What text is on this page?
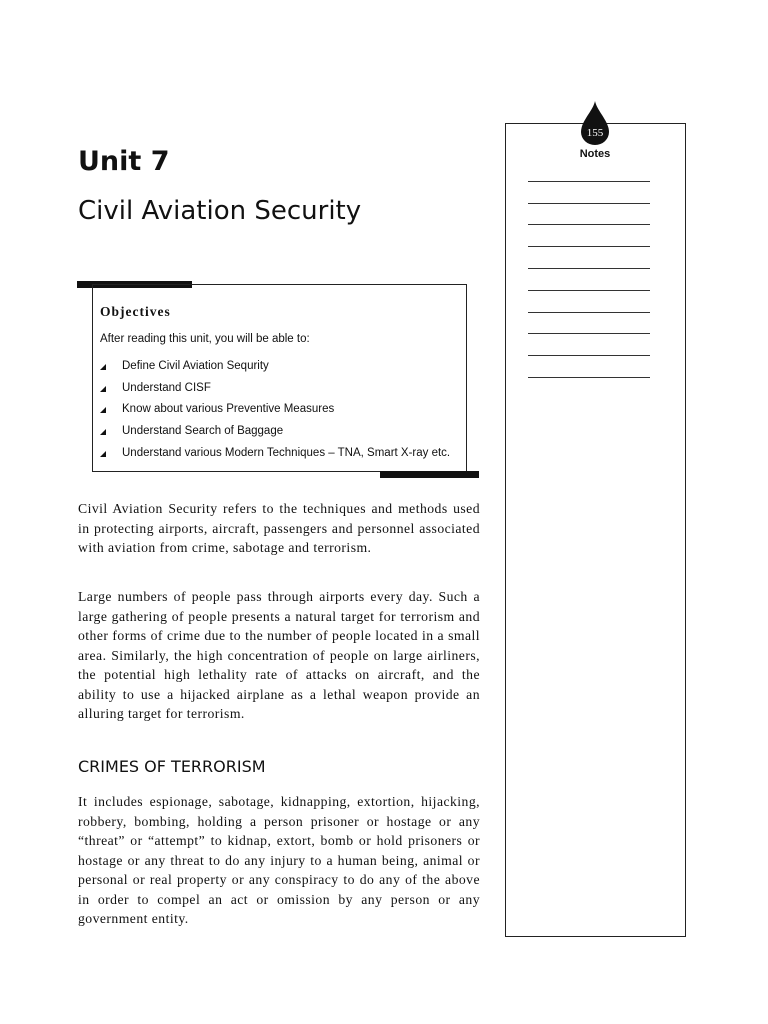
Unit 7
Civil Aviation Security

Objectives

After reading this unit, you will be able to:

Define Civil Aviation Sequrity
Understand CISF
Know about various Preventive Measures
Understand Search of Baggage
Understand various Modern Techniques – TNA, Smart X-ray etc.

Civil Aviation Security refers to the techniques and methods used in protecting airports, aircraft, passengers and personnel associated with aviation from crime, sabotage and terrorism.

Large numbers of people pass through airports every day. Such a large gathering of people presents a natural target for terrorism and other forms of crime due to the number of people located in a small area. Similarly, the high concentration of people on large airliners, the potential high lethality rate of attacks on aircraft, and the ability to use a hijacked airplane as a lethal weapon provide an alluring target for terrorism.

CRIMES OF TERRORISM

It includes espionage, sabotage, kidnapping, extortion, hijacking, robbery, bombing, holding a person prisoner or hostage or any “threat” or “attempt” to kidnap, extort, bomb or hold prisoners or hostage or any threat to do any injury to a human being, animal or personal or real property or any conspiracy to do any of the above in order to compel an act or omission by any person or any government entity.

155
Notes
